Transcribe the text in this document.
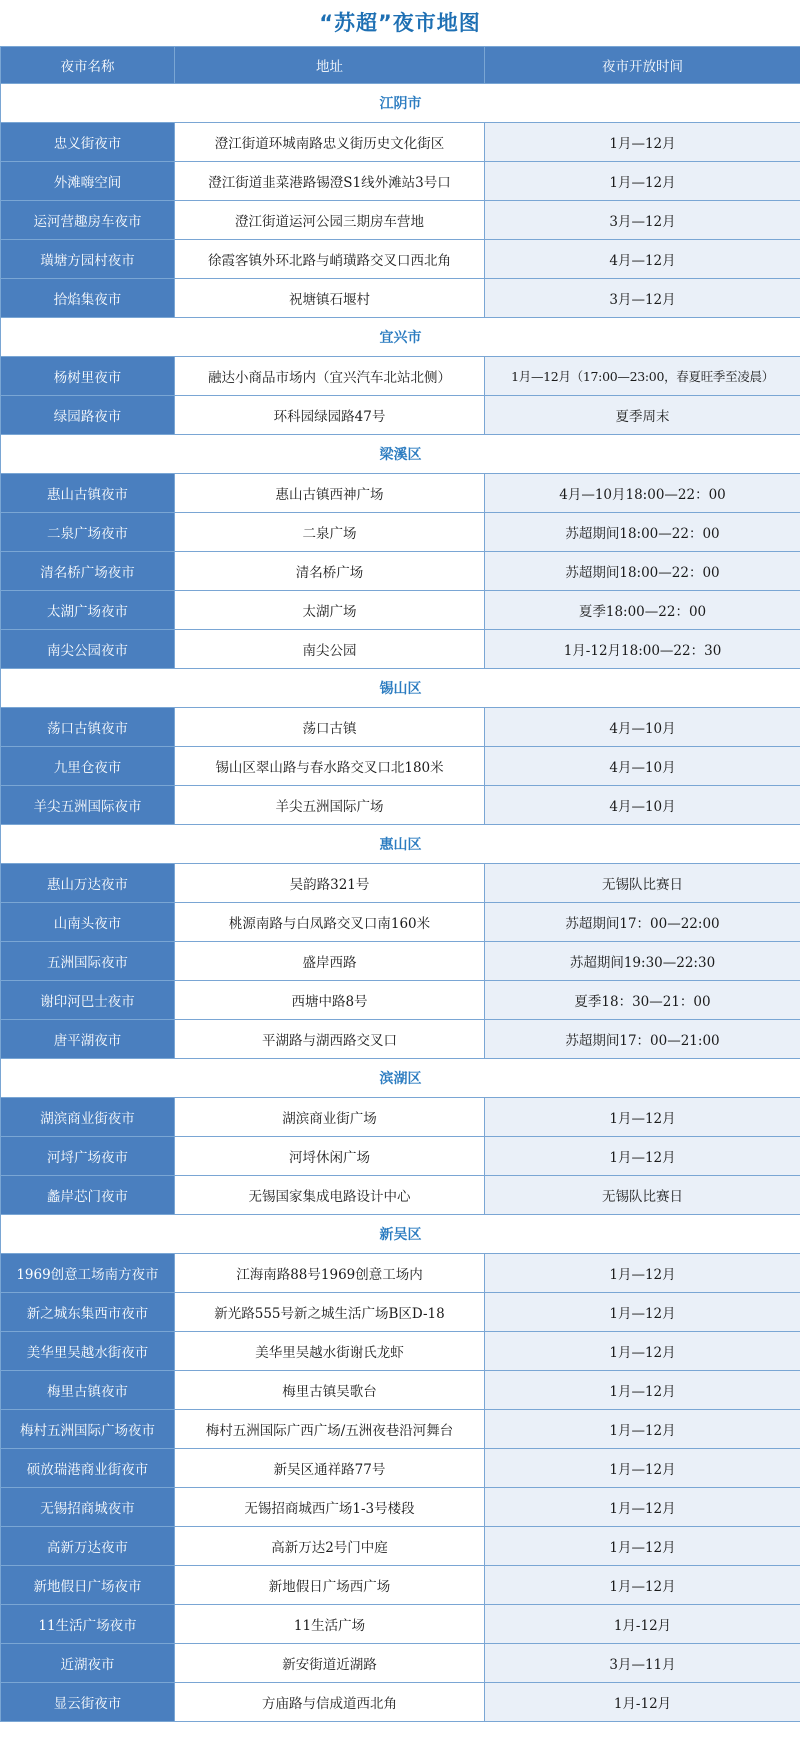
“苏超”夜市地图
夜市名称	地址	夜市开放时间
江阴市		
忠义街夜市	澄江街道环城南路忠义街历史文化街区	1月—12月
外滩嗨空间	澄江街道韭菜港路锡澄S1线外滩站3号口	1月—12月
运河营趣房车夜市	澄江街道运河公园三期房车营地	3月—12月
璜塘方园村夜市	徐霞客镇外环北路与峭璜路交叉口西北角	4月—12月
拾焰集夜市	祝塘镇石堰村	3月—12月
宜兴市		
杨树里夜市	融达小商品市场内（宜兴汽车北站北侧）	1月—12月（17:00—23:00，春夏旺季至凌晨）
绿园路夜市	环科园绿园路47号	夏季周末
梁溪区		
惠山古镇夜市	惠山古镇西神广场	4月—10月18:00—22：00
二泉广场夜市	二泉广场	苏超期间18:00—22：00
清名桥广场夜市	清名桥广场	苏超期间18:00—22：00
太湖广场夜市	太湖广场	夏季18:00—22：00
南尖公园夜市	南尖公园	1月-12月18:00—22：30
锡山区		
荡口古镇夜市	荡口古镇	4月—10月
九里仓夜市	锡山区翠山路与春水路交叉口北180米	4月—10月
羊尖五洲国际夜市	羊尖五洲国际广场	4月—10月
惠山区		
惠山万达夜市	吴韵路321号	无锡队比赛日
山南头夜市	桃源南路与白凤路交叉口南160米	苏超期间17：00—22:00
五洲国际夜市	盛岸西路	苏超期间19:30—22:30
谢印河巴士夜市	西塘中路8号	夏季18：30—21：00
唐平湖夜市	平湖路与湖西路交叉口	苏超期间17：00—21:00
滨湖区		
湖滨商业街夜市	湖滨商业街广场	1月—12月
河埒广场夜市	河埒休闲广场	1月—12月
蠡岸芯门夜市	无锡国家集成电路设计中心	无锡队比赛日
新吴区		
1969创意工场南方夜市	江海南路88号1969创意工场内	1月—12月
新之城东集西市夜市	新光路555号新之城生活广场B区D-18	1月—12月
美华里吴越水街夜市	美华里吴越水街谢氏龙虾	1月—12月
梅里古镇夜市	梅里古镇吴歌台	1月—12月
梅村五洲国际广场夜市	梅村五洲国际广西广场/五洲夜巷沿河舞台	1月—12月
硕放瑞港商业街夜市	新吴区通祥路77号	1月—12月
无锡招商城夜市	无锡招商城西广场1-3号楼段	1月—12月
高新万达夜市	高新万达2号门中庭	1月—12月
新地假日广场夜市	新地假日广场西广场	1月—12月
11生活广场夜市	11生活广场	1月-12月
近湖夜市	新安街道近湖路	3月—11月
显云街夜市	方庙路与信成道西北角	1月-12月
